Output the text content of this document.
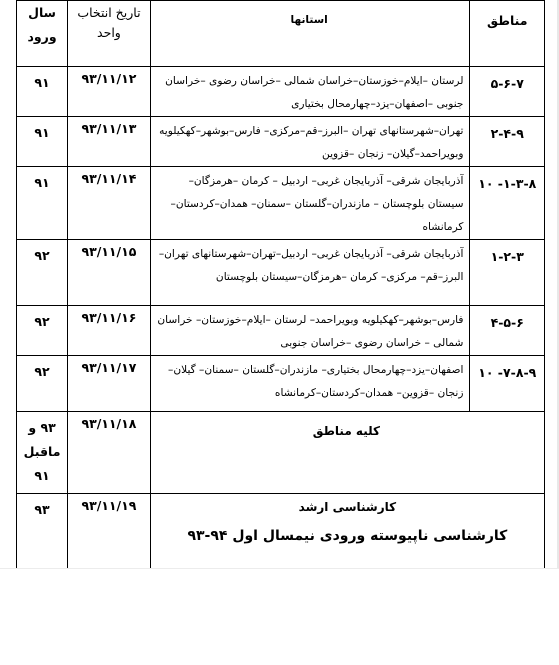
مناطق	استانها	تاریخ انتخاب واحد	سال ورود
۵-۶-۷	لرستان –ایلام–خوزستان–خراسان شمالی –خراسان رضوی –خراسان جنوبی –اصفهان–یزد–چهارمحال بختیاری	۹۳/۱۱/۱۲	۹۱
۲-۴-۹	تهران–شهرستانهای تهران –البرز–قم–مرکزی– فارس–بوشهر–کهکیلویه وبویراحمد–گیلان– زنجان –قزوین	۹۳/۱۱/۱۳	۹۱
۱-۳-۸- ۱۰	آذربایجان شرقی– آذربایجان غربی– اردبیل – کرمان –هرمزگان–سیستان بلوچستان – مازندران–گلستان –سمنان– همدان–کردستان–کرمانشاه	۹۳/۱۱/۱۴	۹۱
۱-۲-۳	آذربایجان شرقی– آذربایجان غربی– اردبیل–تهران–شهرستانهای تهران–البرز–قم– مرکزی– کرمان –هرمزگان–سیستان بلوچستان	۹۳/۱۱/۱۵	۹۲
۴-۵-۶	فارس–بوشهر–کهکیلویه وبویراحمد– لرستان –ایلام–خوزستان– خراسان شمالی – خراسان رضوی –خراسان جنوبی	۹۳/۱۱/۱۶	۹۲
۷-۸-۹- ۱۰	اصفهان–یزد–چهارمحال بختیاری– مازندران–گلستان –سمنان– گیلان– زنجان –قزوین– همدان–کردستان–کرمانشاه	۹۳/۱۱/۱۷	۹۲
کلیه مناطق		۹۳/۱۱/۱۸	۹۳ و ماقبل ۹۱

کارشناسی ارشد
کارشناسی ناپیوسته ورودی نیمسال اول ۹۴-۹۳		۹۳/۱۱/۱۹	۹۳
